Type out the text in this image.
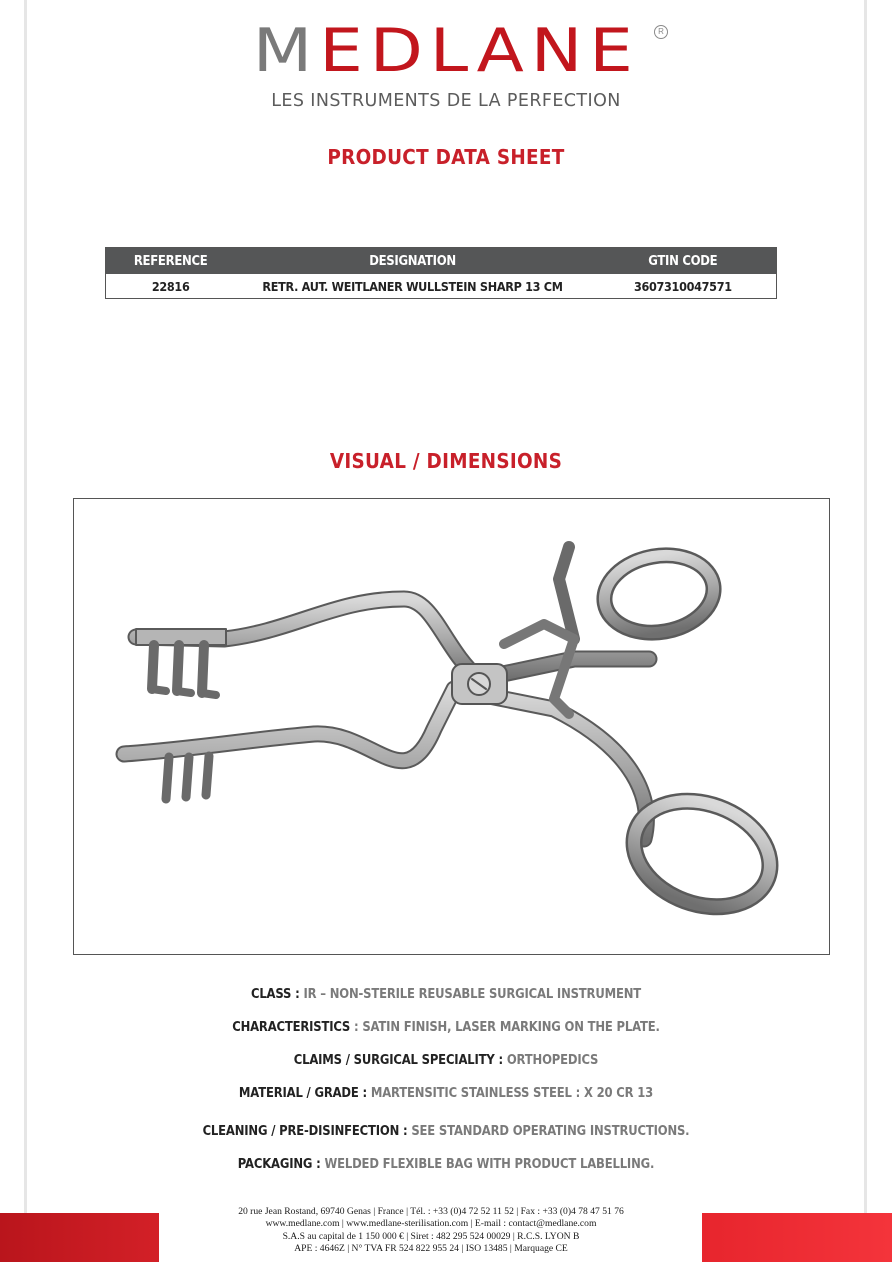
MEDLANE	R
LES INSTRUMENTS DE LA PERFECTION
PRODUCT DATA SHEET
REFERENCE	DESIGNATION	GTIN CODE
22816	RETR. AUT. WEITLANER WULLSTEIN SHARP 13 CM	3607310047571
VISUAL / DIMENSIONS
CLASS : IR – NON-STERILE REUSABLE SURGICAL INSTRUMENT
CHARACTERISTICS : SATIN FINISH, LASER MARKING ON THE PLATE.
CLAIMS / SURGICAL SPECIALITY : ORTHOPEDICS
MATERIAL / GRADE : MARTENSITIC STAINLESS STEEL : X 20 CR 13
CLEANING / PRE-DISINFECTION : SEE STANDARD OPERATING INSTRUCTIONS.
PACKAGING : WELDED FLEXIBLE BAG WITH PRODUCT LABELLING.
20 rue Jean Rostand, 69740 Genas | France | Tél. : +33 (0)4 72 52 11 52 | Fax : +33 (0)4 78 47 51 76
www.medlane.com | www.medlane-sterilisation.com | E-mail : contact@medlane.com
S.A.S au capital de 1 150 000 € | Siret : 482 295 524 00029 | R.C.S. LYON B
APE : 4646Z | N° TVA FR 524 822 955 24 | ISO 13485 | Marquage CE
